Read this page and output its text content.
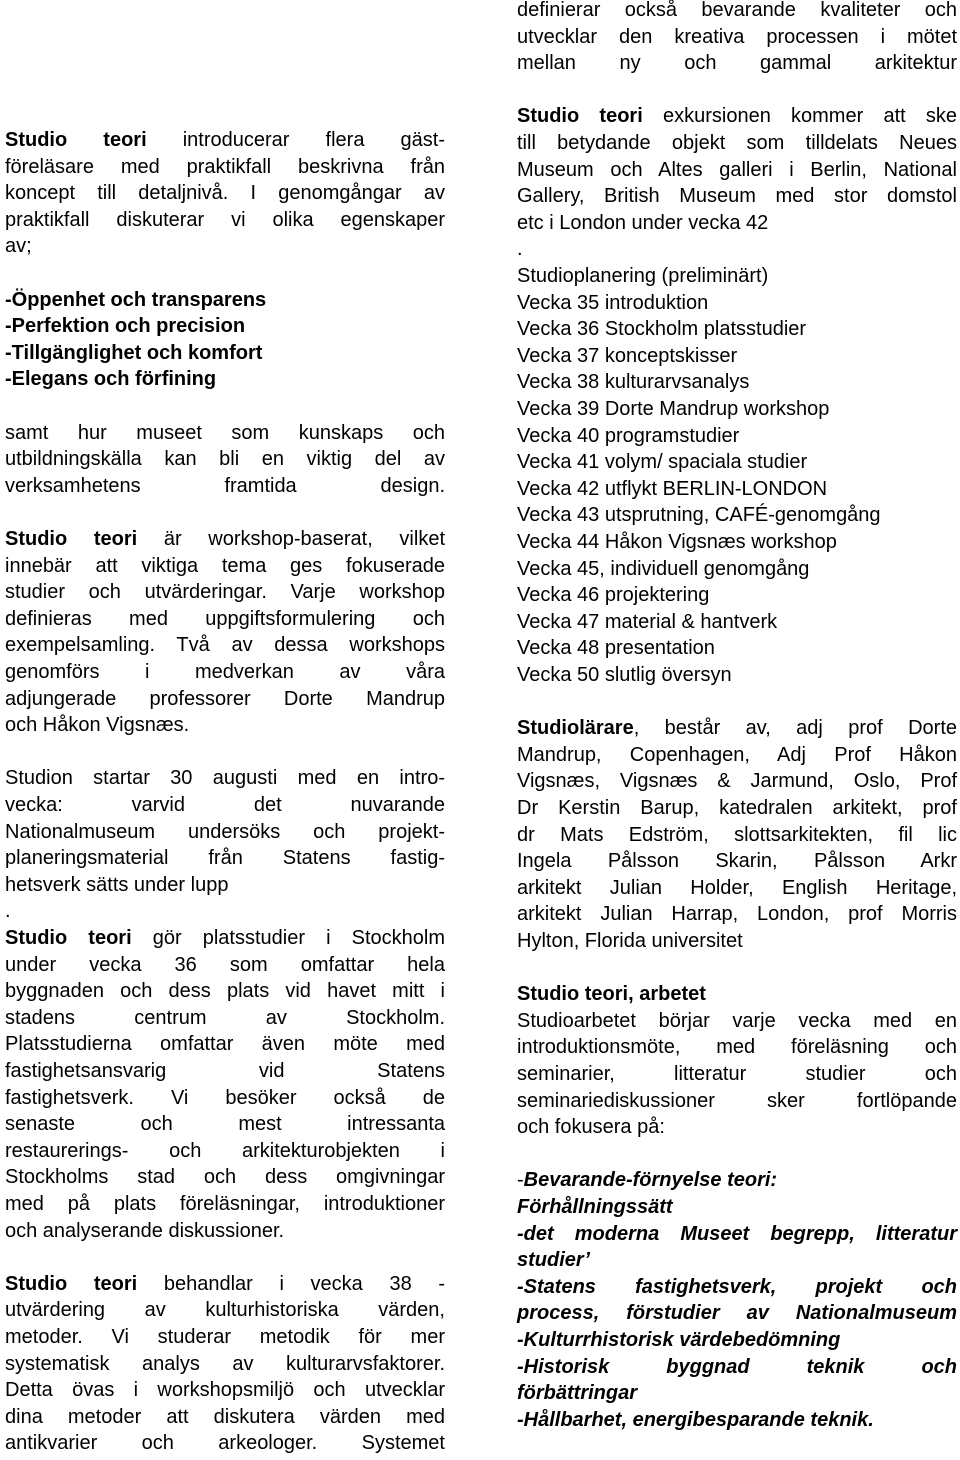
Studio teori introducerar flera gäst-
föreläsare med praktikfall beskrivna från
koncept till detaljnivå. I genomgångar av
praktikfall diskuterar vi olika egenskaper
av;
-Öppenhet och transparens
-Perfektion och precision
-Tillgänglighet och komfort
-Elegans och förfining
samt hur museet som kunskaps och
utbildningskälla kan bli en viktig del av
verksamhetens framtida design.
Studio teori är workshop-baserat, vilket
innebär att viktiga tema ges fokuserade
studier och utvärderingar. Varje workshop
definieras med uppgiftsformulering och
exempelsamling. Två av dessa workshops
genomförs i medverkan av våra
adjungerade professorer Dorte Mandrup
och Håkon Vigsnæs.
Studion startar 30 augusti med en intro-
vecka: varvid det nuvarande
Nationalmuseum undersöks och projekt-
planeringsmaterial från Statens fastig-
hetsverk sätts under lupp
.
Studio teori gör platsstudier i Stockholm
under vecka 36 som omfattar hela
byggnaden och dess plats vid havet mitt i
stadens centrum av Stockholm.
Platsstudierna omfattar även möte med
fastighetsansvarig vid Statens
fastighetsverk. Vi besöker också de
senaste och mest intressanta
restaurerings- och arkitekturobjekten i
Stockholms stad och dess omgivningar
med på plats föreläsningar, introduktioner
och analyserande diskussioner.
Studio teori behandlar i vecka 38 -
utvärdering av kulturhistoriska värden,
metoder. Vi studerar metodik för mer
systematisk analys av kulturarvsfaktorer.
Detta övas i workshopsmiljö och utvecklar
dina metoder att diskutera värden med
antikvarier och arkeologer. Systemet
definierar också bevarande kvaliteter och
utvecklar den kreativa processen i mötet
mellan ny och gammal arkitektur
Studio teori exkursionen kommer att ske
till betydande objekt som tilldelats Neues
Museum och Altes galleri i Berlin, National
Gallery, British Museum med stor domstol
etc i London under vecka 42
.
Studioplanering (preliminärt)
Vecka 35 introduktion
Vecka 36 Stockholm platsstudier
Vecka 37 konceptskisser
Vecka 38 kulturarvsanalys
Vecka 39 Dorte Mandrup workshop
Vecka 40 programstudier
Vecka 41 volym/ spaciala studier
Vecka 42 utflykt BERLIN-LONDON
Vecka 43 utsprutning, CAFÉ-genomgång
Vecka 44 Håkon Vigsnæs workshop
Vecka 45, individuell genomgång
Vecka 46 projektering
Vecka 47 material & hantverk
Vecka 48 presentation
Vecka 50 slutlig översyn
Studiolärare, består av, adj prof Dorte
Mandrup, Copenhagen, Adj Prof Håkon
Vigsnæs, Vigsnæs & Jarmund, Oslo, Prof
Dr Kerstin Barup, katedralen arkitekt, prof
dr Mats Edström, slottsarkitekten, fil lic
Ingela Pålsson Skarin, Pålsson Arkr
arkitekt Julian Holder, English Heritage,
arkitekt Julian Harrap, London, prof Morris
Hylton, Florida universitet
Studio teori, arbetet
Studioarbetet börjar varje vecka med en
introduktionsmöte, med föreläsning och
seminarier, litteratur studier och
seminariediskussioner sker fortlöpande
och fokusera på:
-Bevarande-förnyelse teori:
Förhållningssätt
-det moderna Museet begrepp, litteratur
studier’
-Statens fastighetsverk, projekt och
process, förstudier av Nationalmuseum
-Kulturrhistorisk värdebedömning
-Historisk byggnad teknik och
förbättringar
-Hållbarhet, energibesparande teknik.
